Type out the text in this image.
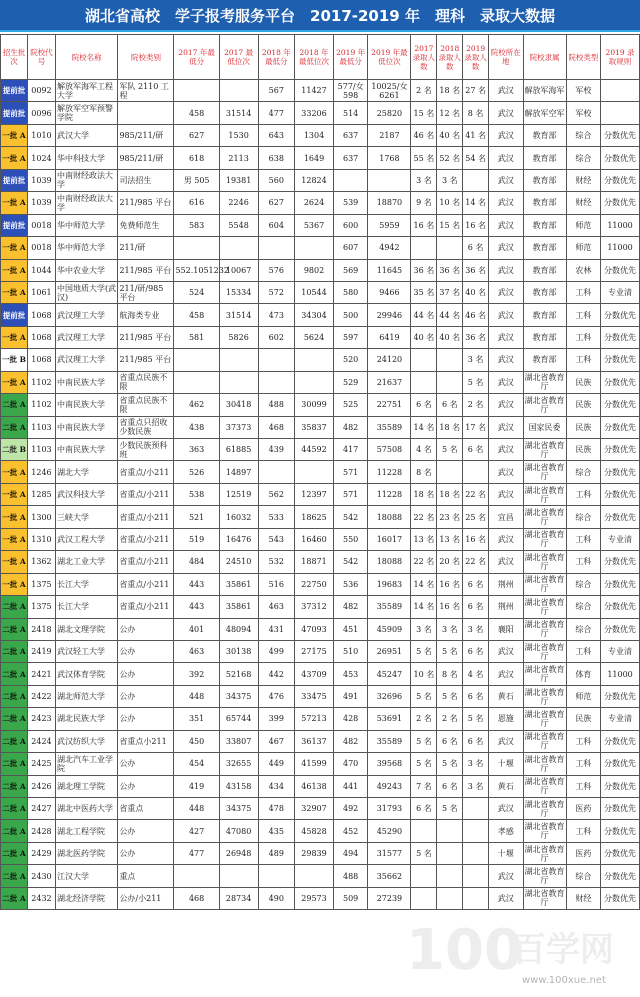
湖北省高校　学子报考服务平台　2017-2019 年　理科　录取大数据
招生批次	院校代号	院校名称	院校类别	2017 年最低分	2017 最低位次	2018 年最低分	2018 年最低位次	2019 年最低分	2019 年最低位次	2017 录取人数	2018 录取人数	2019 录取人数	院校所在地	院校隶属	院校类型	2019 录取规则
提前批	0092	解放军海军工程大学	军队 2110 工程			567	11427	577/女598	10025/女6261	2 名	18 名	27 名	武汉	解放军海军	军校	
提前批	0096	解放军空军预警学院		458	31514	477	33206	514	25820	15 名	12 名	8 名	武汉	解放军空军	军校	
一批 A	1010	武汉大学	985/211/研	627	1530	643	1304	637	2187	46 名	40 名	41 名	武汉	教育部	综合	分数优先
一批 A	1024	华中科技大学	985/211/研	618	2113	638	1649	637	1768	55 名	52 名	54 名	武汉	教育部	综合	分数优先
提前批	1039	中南财经政法大学	司法招生	男 505	19381	560	12824			3 名	3 名		武汉	教育部	财经	分数优先
一批 A	1039	中南财经政法大学	211/985 平台	616	2246	627	2624	539	18870	9 名	10 名	14 名	武汉	教育部	财经	分数优先
提前批	0018	华中师范大学	免费师范生	583	5548	604	5367	600	5959	16 名	15 名	16 名	武汉	教育部	师范	11000
一批 A	0018	华中师范大学	211/研					607	4942			6 名	武汉	教育部	师范	11000
一批 A	1044	华中农业大学	211/985 平台	552.1051232	10067	576	9802	569	11645	36 名	36 名	36 名	武汉	教育部	农林	分数优先
一批 A	1061	中国地质大学(武汉)	211/研/985 平台	524	15334	572	10544	580	9466	35 名	37 名	40 名	武汉	教育部	工科	专业清
提前批	1068	武汉理工大学	航海类专业	458	31514	473	34304	500	29946	44 名	44 名	46 名	武汉	教育部	工科	分数优先
一批 A	1068	武汉理工大学	211/985 平台	581	5826	602	5624	597	6419	40 名	40 名	36 名	武汉	教育部	工科	分数优先
一批 B	1068	武汉理工大学	211/985 平台					520	24120			3 名	武汉	教育部	工科	分数优先
一批 A	1102	中南民族大学	省重点民族不限					529	21637			5 名	武汉	湖北省教育厅	民族	分数优先
二批 A	1102	中南民族大学	省重点民族不限	462	30418	488	30099	525	22751	6 名	6 名	2 名	武汉	湖北省教育厅	民族	分数优先
二批 A	1103	中南民族大学	省重点只招收少数民族	438	37373	468	35837	482	35589	14 名	18 名	17 名	武汉	国家民委	民族	分数优先
二批 B	1103	中南民族大学	少数民族预科班	363	61885	439	44592	417	57508	4 名	5 名	6 名	武汉	湖北省教育厅	民族	分数优先
一批 A	1246	湖北大学	省重点/小211	526	14897			571	11228	8 名			武汉	湖北省教育厅	综合	分数优先
一批 A	1285	武汉科技大学	省重点/小211	538	12519	562	12397	571	11228	18 名	18 名	22 名	武汉	湖北省教育厅	工科	分数优先
一批 A	1300	三峡大学	省重点/小211	521	16032	533	18625	542	18088	22 名	23 名	25 名	宜昌	湖北省教育厅	综合	分数优先
一批 A	1310	武汉工程大学	省重点/小211	519	16476	543	16460	550	16017	13 名	13 名	16 名	武汉	湖北省教育厅	工科	专业清
一批 A	1362	湖北工业大学	省重点/小211	484	24510	532	18871	542	18088	22 名	20 名	22 名	武汉	湖北省教育厅	工科	分数优先
一批 A	1375	长江大学	省重点/小211	443	35861	516	22750	536	19683	14 名	16 名	6 名	荆州	湖北省教育厅	综合	分数优先
二批 A	1375	长江大学	省重点/小211	443	35861	463	37312	482	35589	14 名	16 名	6 名	荆州	湖北省教育厅	综合	分数优先
二批 A	2418	湖北文理学院	公办	401	48094	431	47093	451	45909	3 名	3 名	3 名	襄阳	湖北省教育厅	综合	分数优先
二批 A	2419	武汉轻工大学	公办	463	30138	499	27175	510	26951	5 名	5 名	6 名	武汉	湖北省教育厅	工科	专业清
二批 A	2421	武汉体育学院	公办	392	52168	442	43709	453	45247	10 名	8 名	4 名	武汉	湖北省教育厅	体育	11000
二批 A	2422	湖北师范大学	公办	448	34375	476	33475	491	32696	5 名	5 名	6 名	黄石	湖北省教育厅	师范	分数优先
二批 A	2423	湖北民族大学	公办	351	65744	399	57213	428	53691	2 名	2 名	5 名	恩施	湖北省教育厅	民族	专业清
二批 A	2424	武汉纺织大学	省重点小211	450	33807	467	36137	482	35589	5 名	6 名	6 名	武汉	湖北省教育厅	工科	分数优先
二批 A	2425	湖北汽车工业学院	公办	454	32655	449	41599	470	39568	5 名	5 名	3 名	十堰	湖北省教育厅	工科	分数优先
二批 A	2426	湖北理工学院	公办	419	43158	434	46138	441	49243	7 名	6 名	3 名	黄石	湖北省教育厅	工科	分数优先
二批 A	2427	湖北中医药大学	省重点	448	34375	478	32907	492	31793	6 名	5 名		武汉	湖北省教育厅	医药	分数优先
二批 A	2428	湖北工程学院	公办	427	47080	435	45828	452	45290				孝感	湖北省教育厅	工科	分数优先
二批 A	2429	湖北医药学院	公办	477	26948	489	29839	494	31577	5 名			十堰	湖北省教育厅	医药	分数优先
二批 A	2430	江汉大学	重点					488	35662				武汉	湖北省教育厅	综合	分数优先
二批 A	2432	湖北经济学院	公办/小211	468	28734	490	29573	509	27239				武汉	湖北省教育厅	财经	分数优先
100
百学网
www.100xue.net
